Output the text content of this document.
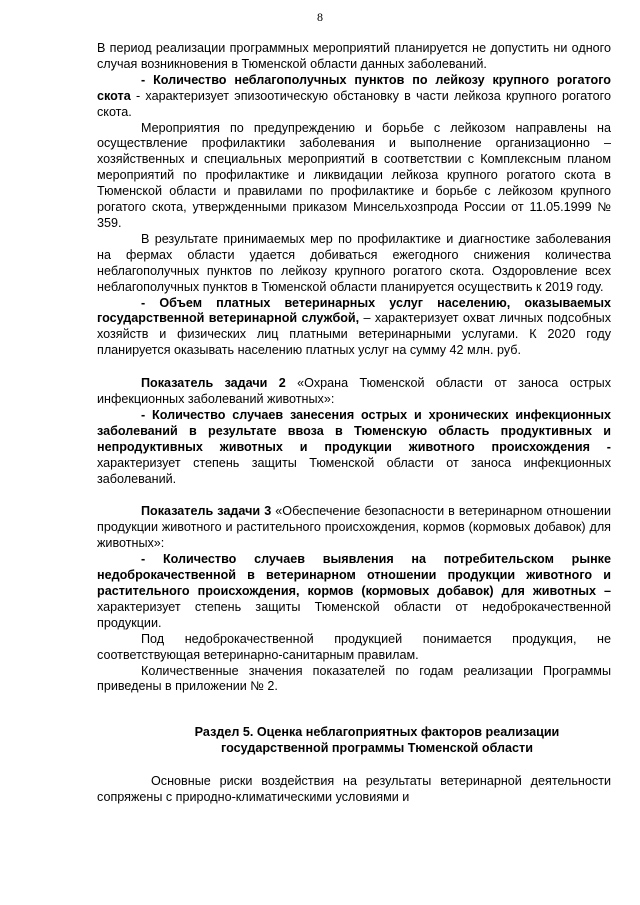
8

В период реализации программных мероприятий планируется не допустить ни одного случая возникновения в Тюменской области данных заболеваний.

- Количество неблагополучных пунктов по лейкозу крупного рогатого скота - характеризует эпизоотическую обстановку в части лейкоза крупного рогатого скота.

Мероприятия по предупреждению и борьбе с лейкозом направлены на осуществление профилактики заболевания и выполнение организационно – хозяйственных и специальных мероприятий в соответствии с Комплексным планом мероприятий по профилактике и ликвидации лейкоза крупного рогатого скота в Тюменской области и правилами по профилактике и борьбе с лейкозом крупного рогатого скота, утвержденными приказом Минсельхозпрода России от 11.05.1999 № 359.

В результате принимаемых мер по профилактике и диагностике заболевания на фермах области удается добиваться ежегодного снижения количества неблагополучных пунктов по лейкозу крупного рогатого скота. Оздоровление всех неблагополучных пунктов в Тюменской области планируется осуществить к 2019 году.

- Объем платных ветеринарных услуг населению, оказываемых государственной ветеринарной службой, – характеризует охват личных подсобных хозяйств и физических лиц платными ветеринарными услугами. К 2020 году планируется оказывать населению платных услуг на сумму 42 млн. руб.

Показатель задачи 2 «Охрана Тюменской области от заноса острых инфекционных заболеваний животных»:

- Количество случаев занесения острых и хронических инфекционных заболеваний в результате ввоза в Тюменскую область продуктивных и непродуктивных животных и продукции животного происхождения - характеризует степень защиты Тюменской области от заноса инфекционных заболеваний.

Показатель задачи 3 «Обеспечение безопасности в ветеринарном отношении продукции животного и растительного происхождения, кормов (кормовых добавок) для животных»:

- Количество случаев выявления на потребительском рынке недоброкачественной в ветеринарном отношении продукции животного и растительного происхождения, кормов (кормовых добавок) для животных – характеризует степень защиты Тюменской области от недоброкачественной продукции.

Под недоброкачественной продукцией понимается продукция, не соответствующая ветеринарно-санитарным правилам.

Количественные значения показателей по годам реализации Программы приведены в приложении № 2.

Раздел 5. Оценка неблагоприятных факторов реализации
государственной программы Тюменской области

Основные риски воздействия на результаты ветеринарной деятельности сопряжены с природно-климатическими условиями и
